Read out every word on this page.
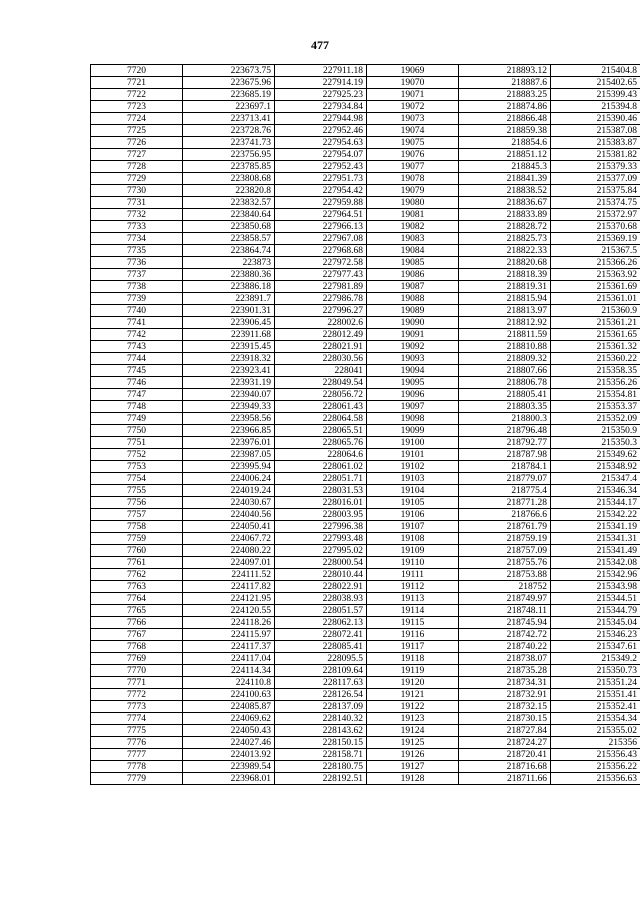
477
7720	223673.75	227911.18	19069	218893.12	215404.8
7721	223675.96	227914.19	19070	218887.6	215402.65
7722	223685.19	227925.23	19071	218883.25	215399.43
7723	223697.1	227934.84	19072	218874.86	215394.8
7724	223713.41	227944.98	19073	218866.48	215390.46
7725	223728.76	227952.46	19074	218859.38	215387.08
7726	223741.73	227954.63	19075	218854.6	215383.87
7727	223756.95	227954.07	19076	218851.12	215381.82
7728	223785.85	227952.43	19077	218845.3	215379.33
7729	223808.68	227951.73	19078	218841.39	215377.09
7730	223820.8	227954.42	19079	218838.52	215375.84
7731	223832.57	227959.88	19080	218836.67	215374.75
7732	223840.64	227964.51	19081	218833.89	215372.97
7733	223850.68	227966.13	19082	218828.72	215370.68
7734	223858.57	227967.08	19083	218825.73	215369.19
7735	223864.74	227968.68	19084	218822.33	215367.5
7736	223873	227972.58	19085	218820.68	215366.26
7737	223880.36	227977.43	19086	218818.39	215363.92
7738	223886.18	227981.89	19087	218819.31	215361.69
7739	223891.7	227986.78	19088	218815.94	215361.01
7740	223901.31	227996.27	19089	218813.97	215360.9
7741	223906.45	228002.6	19090	218812.92	215361.21
7742	223911.68	228012.49	19091	218811.59	215361.65
7743	223915.45	228021.91	19092	218810.88	215361.32
7744	223918.32	228030.56	19093	218809.32	215360.22
7745	223923.41	228041	19094	218807.66	215358.35
7746	223931.19	228049.54	19095	218806.78	215356.26
7747	223940.07	228056.72	19096	218805.41	215354.81
7748	223949.33	228061.43	19097	218803.35	215353.37
7749	223958.56	228064.58	19098	218800.3	215352.09
7750	223966.85	228065.51	19099	218796.48	215350.9
7751	223976.01	228065.76	19100	218792.77	215350.3
7752	223987.05	228064.6	19101	218787.98	215349.62
7753	223995.94	228061.02	19102	218784.1	215348.92
7754	224006.24	228051.71	19103	218779.07	215347.4
7755	224019.24	228031.53	19104	218775.4	215346.34
7756	224030.67	228016.01	19105	218771.28	215344.17
7757	224040.56	228003.95	19106	218766.6	215342.22
7758	224050.41	227996.38	19107	218761.79	215341.19
7759	224067.72	227993.48	19108	218759.19	215341.31
7760	224080.22	227995.02	19109	218757.09	215341.49
7761	224097.01	228000.54	19110	218755.76	215342.08
7762	224111.52	228010.44	19111	218753.88	215342.96
7763	224117.82	228022.91	19112	218752	215343.98
7764	224121.95	228038.93	19113	218749.97	215344.51
7765	224120.55	228051.57	19114	218748.11	215344.79
7766	224118.26	228062.13	19115	218745.94	215345.04
7767	224115.97	228072.41	19116	218742.72	215346.23
7768	224117.37	228085.41	19117	218740.22	215347.61
7769	224117.04	228095.5	19118	218738.07	215349.2
7770	224114.34	228109.64	19119	218735.28	215350.73
7771	224110.8	228117.63	19120	218734.31	215351.24
7772	224100.63	228126.54	19121	218732.91	215351.41
7773	224085.87	228137.09	19122	218732.15	215352.41
7774	224069.62	228140.32	19123	218730.15	215354.34
7775	224050.43	228143.62	19124	218727.84	215355.02
7776	224027.46	228150.15	19125	218724.27	215356
7777	224013.92	228158.71	19126	218720.41	215356.43
7778	223989.54	228180.75	19127	218716.68	215356.22
7779	223968.01	228192.51	19128	218711.66	215356.63
